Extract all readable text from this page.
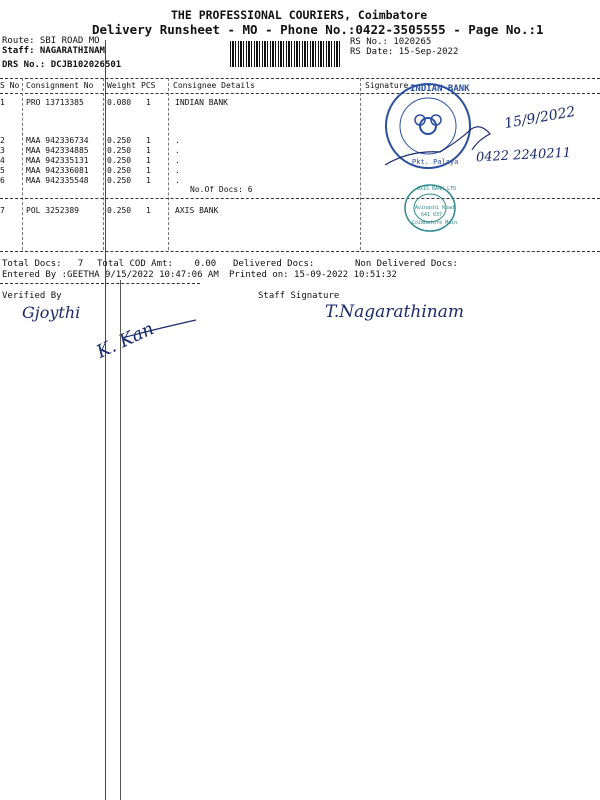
THE PROFESSIONAL COURIERS, Coimbatore
Delivery Runsheet - MO - Phone No.:0422-3505555 - Page No.:1
Route: SBI ROAD MO
Staff: NAGARATHINAM
DRS No.: DCJB102026501
RS No.: 1020265
RS Date: 15-Sep-2022
S No Consignment No Weight PCS Consignee Details	Signature
1	PRO 13713385	0.080 1	INDIAN BANK
2	MAA 942336734 0.250 1	.
3	MAA 942334885 0.250 1	.
4	MAA 942335131 0.250 1	.
5	MAA 942336081 0.250 1	.
6	MAA 942335548 0.250 1	.
No.Of Docs: 6
7	POL 3252389	0.250 1	AXIS BANK
Total Docs:   7 Total COD Amt:    0.00 Delivered Docs:	Non Delivered Docs:
Entered By :GEETHA 9/15/2022 10:47:06 AM Printed on: 15-09-2022 10:51:32
Verified By	Staff Signature
INDIAN BANK
Pkt. Palaya
AXIS BANK LTD
Avinashi Road
641 037
Coimbatore Main
15/9/2022
0422 2240211
Gjoythi
K. Kan
T.Nagarathinam
